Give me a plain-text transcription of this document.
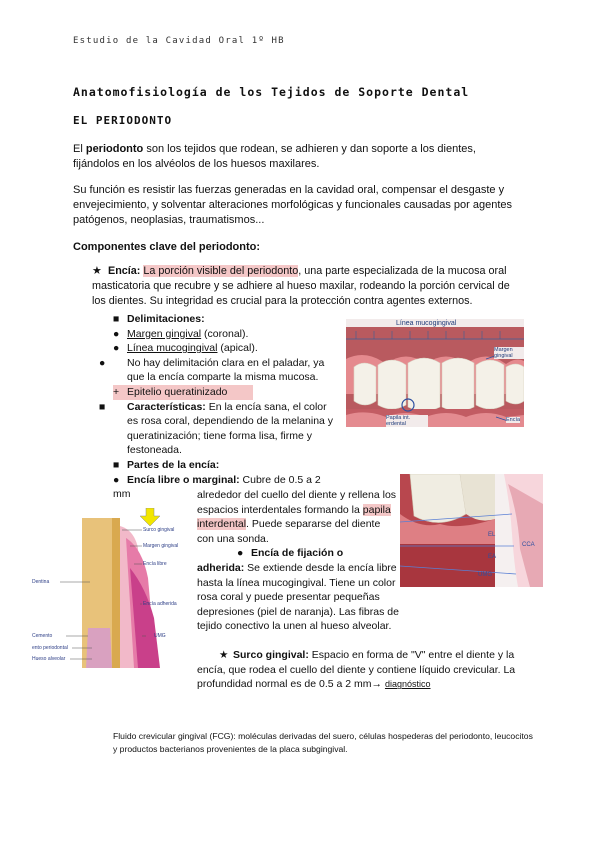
Estudio de la Cavidad Oral 1º HB
Anatomofisiología de los Tejidos de Soporte Dental
EL PERIODONTO
El periodonto son los tejidos que rodean, se adhieren y dan soporte a los dientes, fijándolos en los alvéolos de los huesos maxilares.
Su función es resistir las fuerzas generadas en la cavidad oral, compensar el desgaste y envejecimiento, y solventar alteraciones morfológicas y funcionales causadas por agentes patógenos, neoplasias, traumatismos...
Componentes clave del periodonto:
★ Encía: La porción visible del periodonto, una parte especializada de la mucosa oral masticatoria que recubre y se adhiere al hueso maxilar, rodeando la porción cervical de los dientes. Su integridad es crucial para la protección contra agentes externos.
■ Delimitaciones:
● Margen gingival (coronal).
● Línea mucogingival (apical).
● No hay delimitación clara en el paladar, ya que la encía comparte la misma mucosa.
+ Epitelio queratinizado
■ Características: En la encía sana, el color es rosa coral, dependiendo de la melanina y queratinización; tiene forma lisa, firme y festoneada.
■ Partes de la encía:
● Encía libre o marginal: Cubre de 0.5 a 2 mm	alrededor del cuello del diente y rellena los espacios interdentales formando la papila interdental. Puede separarse del diente con una sonda.
● Encía de fijación o
adherida: Se extiende desde la encía libre hasta la línea mucogingival. Tiene un color rosa coral y puede presentar pequeñas depresiones (piel de naranja). Las fibras de tejido conectivo la unen al hueso alveolar.
★ Surco gingival: Espacio en forma de "V" entre el diente y la encía, que rodea el cuello del diente y contiene líquido crevicular. La profundidad normal es de 0.5 a 2 mm→ diagnóstico
Fluido crevicular gingival (FCG): moléculas derivadas del suero, células hospederas del periodonto, leucocitos y productos bacterianos provenientes de la placa subgingival.
Línea mucogingival
Margen gingival
Papila int. erdental
Encía
EL
EA
CCA
UMG
Surco gingival
Margen gingival
Encía libre
Dentina
Encía adherida
Cemento
ento periodontal
Hueso alveolar
UMG
